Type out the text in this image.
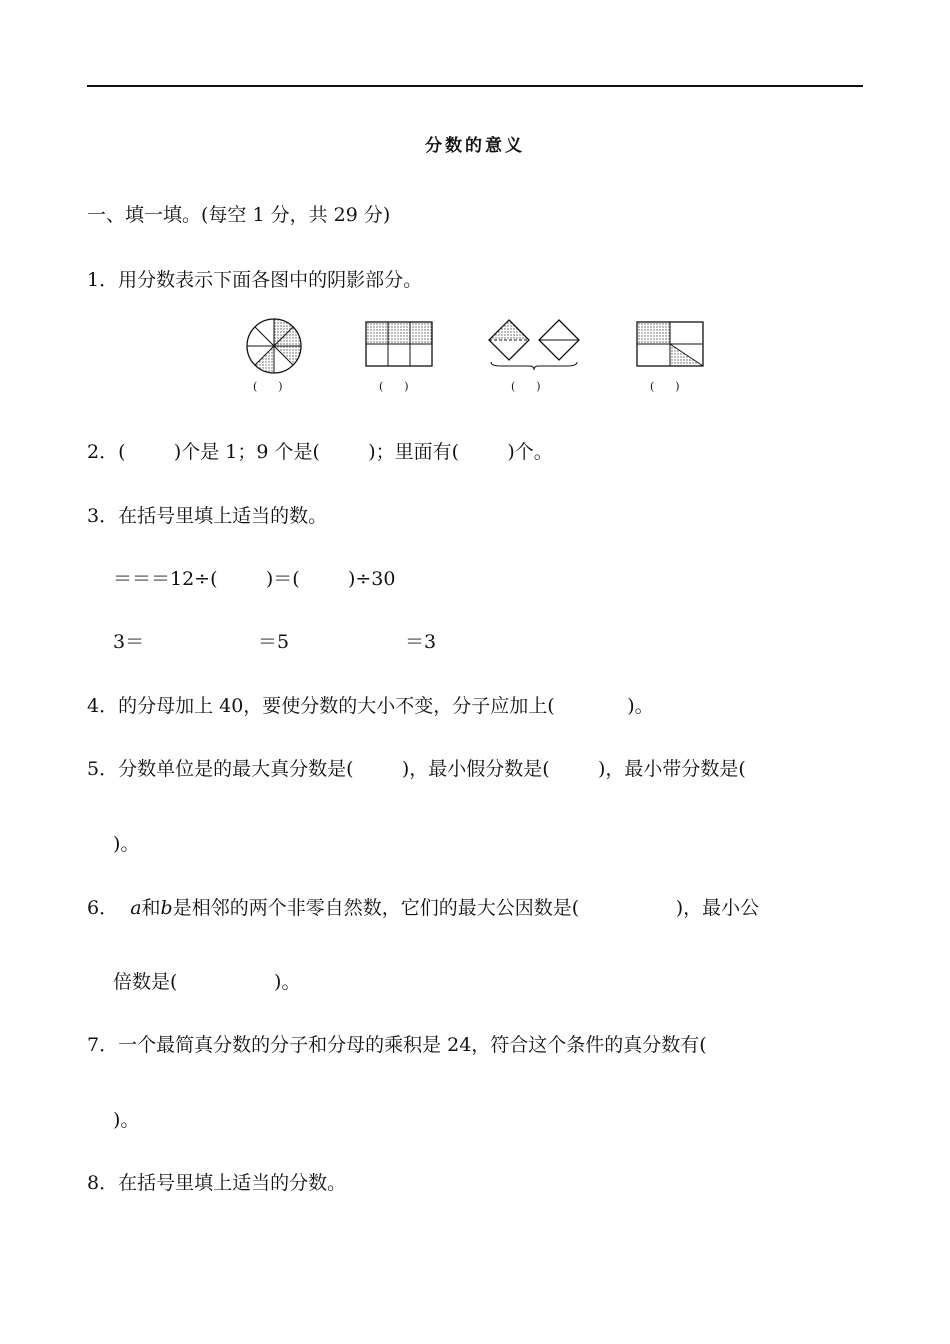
分数的意义
一、填一填。(每空 1 分，共 29 分)
1．用分数表示下面各图中的阴影部分。
(      )	(      )	(      )	(      )
2．(        )个是 1；9 个是(        )；里面有(        )个。
3．在括号里填上适当的数。
＝＝＝12÷(        )＝(        )÷30
3＝	＝5	＝3
4．的分母加上 40，要使分数的大小不变，分子应加上(            )。
5．分数单位是的最大真分数是(        )，最小假分数是(        )，最小带分数是(
)。
6． a和b是相邻的两个非零自然数，它们的最大公因数是(                )，最小公
倍数是(                )。
7．一个最简真分数的分子和分母的乘积是 24，符合这个条件的真分数有(
)。
8．在括号里填上适当的分数。
